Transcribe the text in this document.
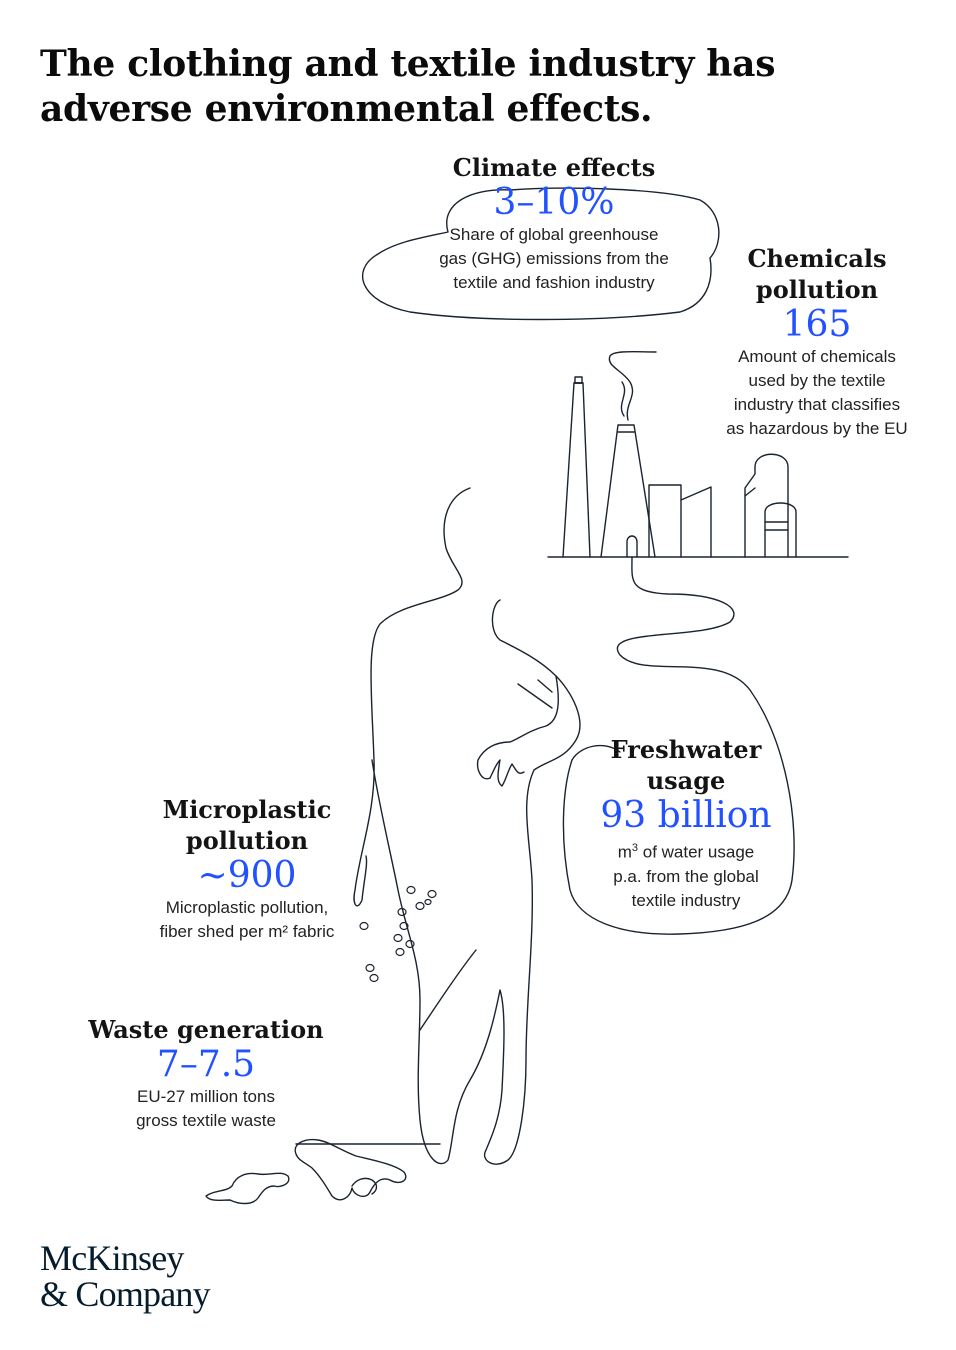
The clothing and textile industry has adverse environmental effects.
Climate effects
3–10%
Share of global greenhouse
gas (GHG) emissions from the
textile and fashion industry
Chemicals
pollution
165
Amount of chemicals
used by the textile
industry that classifies
as hazardous by the EU
Freshwater
usage
93 billion
$m^3$ of water usage
p.a. from the global
textile industry
Microplastic
pollution
~900
Microplastic pollution,
fiber shed per m² fabric
Waste generation
7–7.5
EU-27 million tons
gross textile waste
McKinsey
& Company
